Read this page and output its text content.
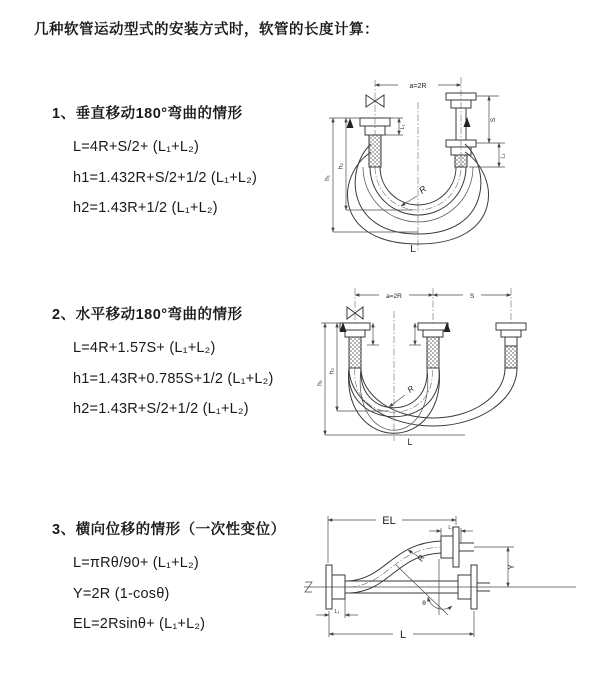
几种软管运动型式的安装方式时，软管的长度计算：
1、垂直移动180°弯曲的情形
L=4R+S/2+ (L₁+L₂)
h1=1.432R+S/2+1/2 (L₁+L₂)
h2=1.43R+1/2 (L₁+L₂)
a=2R
h₁
h₂
L₁
S
L₂
R
L
2、水平移动180°弯曲的情形
L=4R+1.57S+ (L₁+L₂)
h1=1.43R+0.785S+1/2 (L₁+L₂)
h2=1.43R+S/2+1/2 (L₁+L₂)
a=2R	S
h₁
h₂
R
L
3、横向位移的情形（一次性变位）
L=πRθ/90+ (L₁+L₂)
Y=2R (1-cosθ)
EL=2Rsinθ+ (L₁+L₂)
EL
L₂
Y
R
θ
L
L₁
